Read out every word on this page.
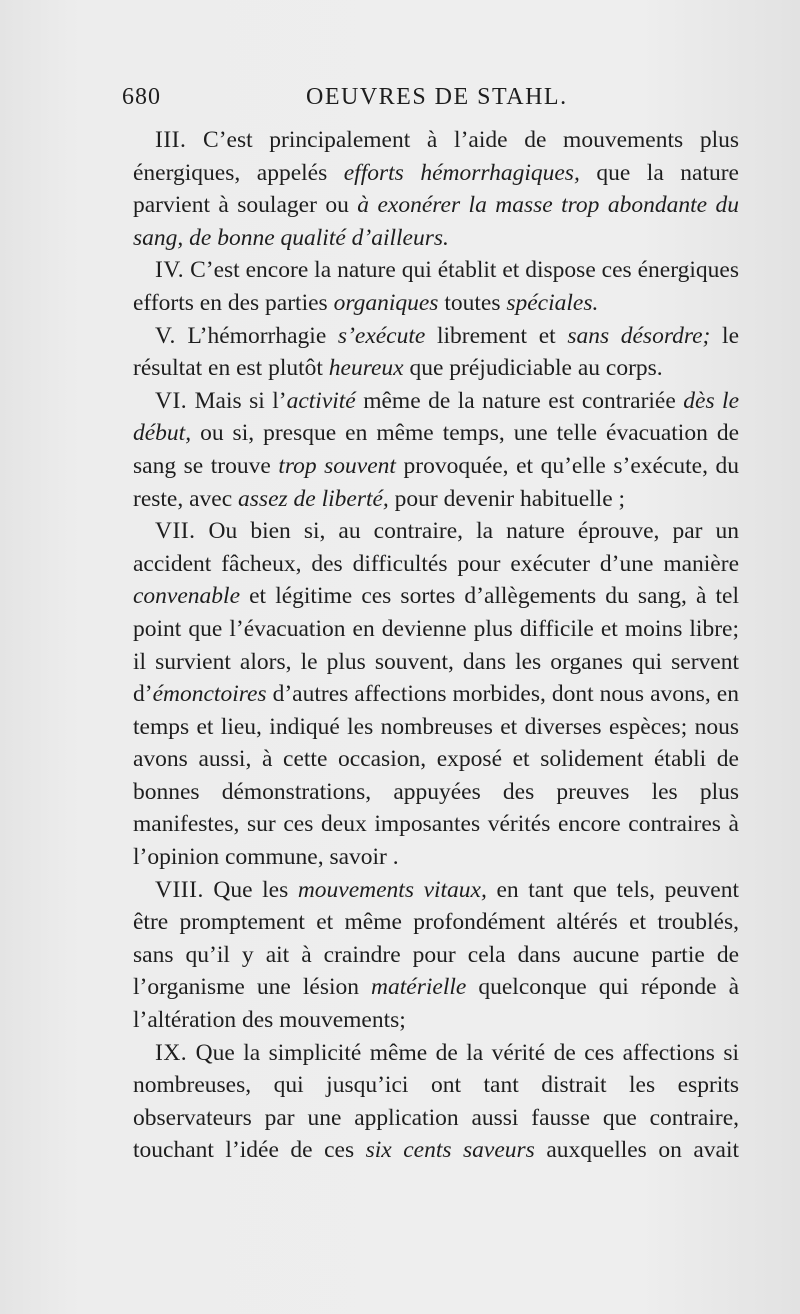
680	OEUVRES DE STAHL.

III. C’est principalement à l’aide de mouvements plus énergiques, appelés efforts hémorrhagiques, que la nature parvient à soulager ou à exonérer la masse trop abondante du sang, de bonne qualité d’ailleurs.

IV. C’est encore la nature qui établit et dispose ces énergiques efforts en des parties organiques toutes spéciales.

V. L’hémorrhagie s’exécute librement et sans désordre; le résultat en est plutôt heureux que préjudiciable au corps.

VI. Mais si l’activité même de la nature est contrariée dès le début, ou si, presque en même temps, une telle évacuation de sang se trouve trop souvent provoquée, et qu’elle s’exécute, du reste, avec assez de liberté, pour devenir habituelle ;

VII. Ou bien si, au contraire, la nature éprouve, par un accident fâcheux, des difficultés pour exécuter d’une manière convenable et légitime ces sortes d’allègements du sang, à tel point que l’évacuation en devienne plus difficile et moins libre; il survient alors, le plus souvent, dans les organes qui servent d’émonctoires d’autres affections morbides, dont nous avons, en temps et lieu, indiqué les nombreuses et diverses espèces; nous avons aussi, à cette occasion, exposé et solidement établi de bonnes démonstrations, appuyées des preuves les plus manifestes, sur ces deux imposantes vérités encore contraires à l’opinion commune, savoir .

VIII. Que les mouvements vitaux, en tant que tels, peuvent être promptement et même profondément altérés et troublés, sans qu’il y ait à craindre pour cela dans aucune partie de l’organisme une lésion matérielle quelconque qui réponde à l’altération des mouvements;

IX. Que la simplicité même de la vérité de ces affections si nombreuses, qui jusqu’ici ont tant distrait les esprits observateurs par une application aussi fausse que contraire, touchant l’idée de ces six cents saveurs auxquelles on avait
